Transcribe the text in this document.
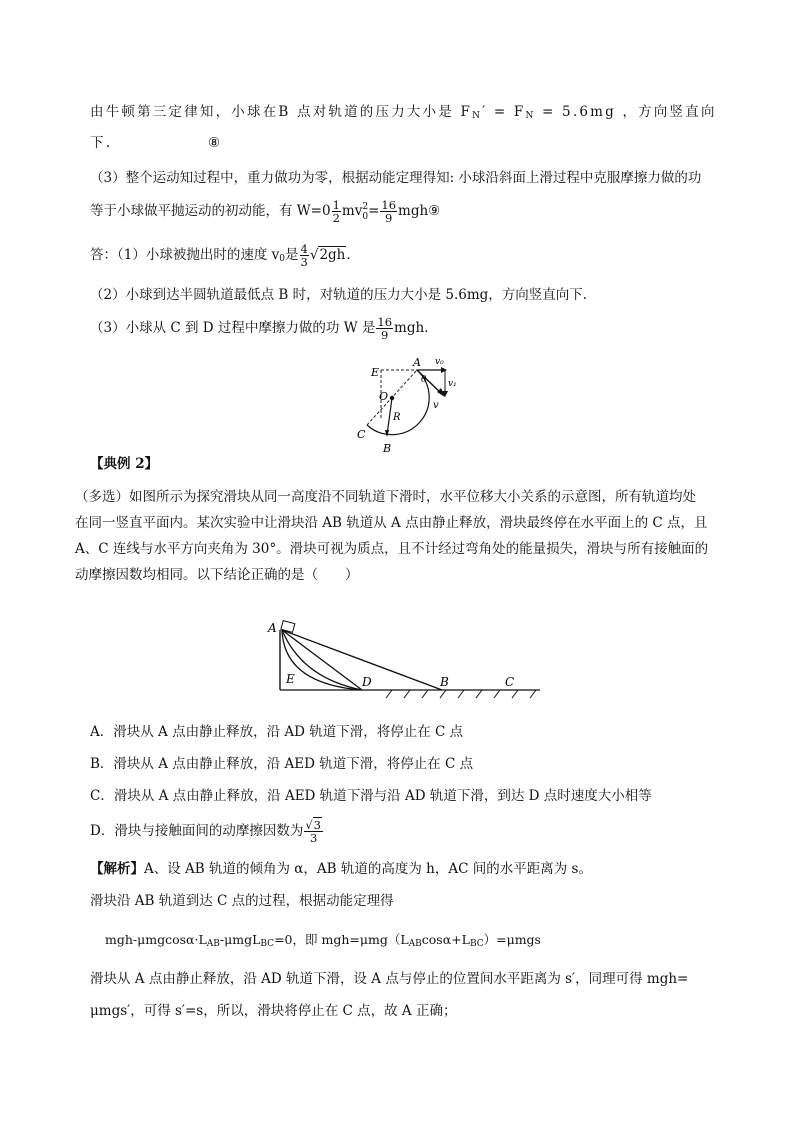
由牛顿第三定律知，小球在B 点对轨道的压力大小是 $F_N' = F_N = 5.6mg$ ，方向竖直向
下.	⑧
（3）整个运动知过程中，重力做功为零，根据动能定理得知: 小球沿斜面上滑过程中克服摩擦力做的功
等于小球做平抛运动的初动能，有 $W=0 \frac{1}{2}$ mv 2
$0 = \frac{16}{9}$ mgh⑨
答：（1）小球被抛出时的速度 $v_0$是 $\frac{4}{3} √2gh$.
（2）小球到达半圆轨道最低点 B 时，对轨道的压力大小是 5.6mg，方向竖直向下.
（3）小球从 C 到 D 过程中摩擦力做的功 W 是 $\frac{16}{9}$ mgh.
E
A v₀
θ v₁
v
O
R
C
B
【典例 2】
（多选）如图所示为探究滑块从同一高度沿不同轨道下滑时，水平位移大小关系的示意图，所有轨道均处
在同一竖直平面内。某次实验中让滑块沿 AB 轨道从 A 点由静止释放，滑块最终停在水平面上的 C 点，且
A、C 连线与水平方向夹角为 30°。滑块可视为质点，且不计经过弯角处的能量损失，滑块与所有接触面的
动摩擦因数均相同。以下结论正确的是（　　）
A
E	D	B	C
A．滑块从 A 点由静止释放，沿 AD 轨道下滑，将停止在 C 点
B．滑块从 A 点由静止释放，沿 AED 轨道下滑，将停止在 C 点
C．滑块从 A 点由静止释放，沿 AED 轨道下滑与沿 AD 轨道下滑，到达 D 点时速度大小相等
D．滑块与接触面间的动摩擦因数为 $\frac{√3}{3}$
【解析】A、设 AB 轨道的倾角为 α，AB 轨道的高度为 h，AC 间的水平距离为 s。
滑块沿 AB 轨道到达 C 点的过程，根据动能定理得
mgh-$\mu mgcos\alpha\cdot L_{AB}-\mu mgL_{BC}=0$，即 $mgh=\mu mg(L_{AB}\cos\alpha+L_{BC})=\mu mgs$
滑块从 A 点由静止释放，沿 AD 轨道下滑，设 A 点与停止的位置间水平距离为 s′，同理可得 mgh=
μmgs′，可得 s′=s，所以，滑块将停止在 C 点，故 A 正确；
